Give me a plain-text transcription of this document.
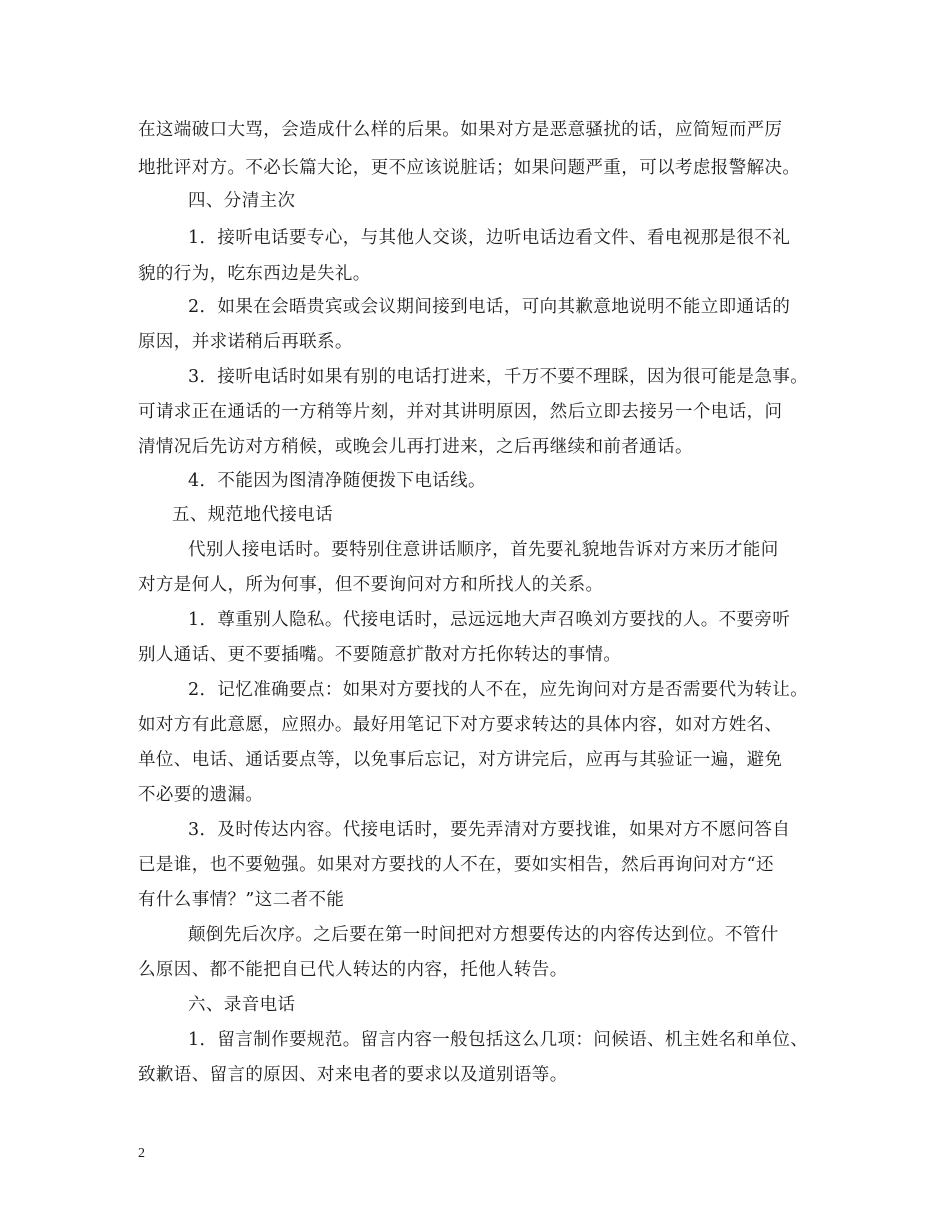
在这端破口大骂，会造成什么样的后果。如果对方是恶意骚扰的话，应简短而严厉
地批评对方。不必长篇大论，更不应该说脏话；如果问题严重，可以考虑报警解决。
四、分清主次
1．接听电话要专心，与其他人交谈，边听电话边看文件、看电视那是很不礼
貌的行为，吃东西边是失礼。
2．如果在会晤贵宾或会议期间接到电话，可向其歉意地说明不能立即通话的
原因，并求诺稍后再联系。
3．接听电话时如果有别的电话打进来，千万不要不理睬，因为很可能是急事。
可请求正在通话的一方稍等片刻，并对其讲明原因，然后立即去接另一个电话，问
清情况后先访对方稍候，或晚会儿再打进来，之后再继续和前者通话。
4．不能因为图清净随便拨下电话线。
五、规范地代接电话
代别人接电话时。要特别住意讲话顺序，首先要礼貌地告诉对方来历才能问
对方是何人，所为何事，但不要询问对方和所找人的关系。
1．尊重别人隐私。代接电话时，忌远远地大声召唤刘方要找的人。不要旁听
别人通话、更不要插嘴。不要随意扩散对方托你转达的事情。
2．记忆准确要点：如果对方要找的人不在，应先询问对方是否需要代为转让。
如对方有此意愿，应照办。最好用笔记下对方要求转达的具体内容，如对方姓名、
单位、电话、通话要点等，以免事后忘记，对方讲完后，应再与其验证一遍，避免
不必要的遗漏。
3．及时传达内容。代接电话时，要先弄清对方要找谁，如果对方不愿问答自
已是谁，也不要勉强。如果对方要找的人不在，要如实相告，然后再询问对方“还
有什么事情？”这二者不能
颠倒先后次序。之后要在第一时间把对方想要传达的内容传达到位。不管什
么原因、都不能把自已代人转达的内容，托他人转告。
六、录音电话
1．留言制作要规范。留言内容一般包括这么几项：问候语、机主姓名和单位、
致歉语、留言的原因、对来电者的要求以及道别语等。
2
